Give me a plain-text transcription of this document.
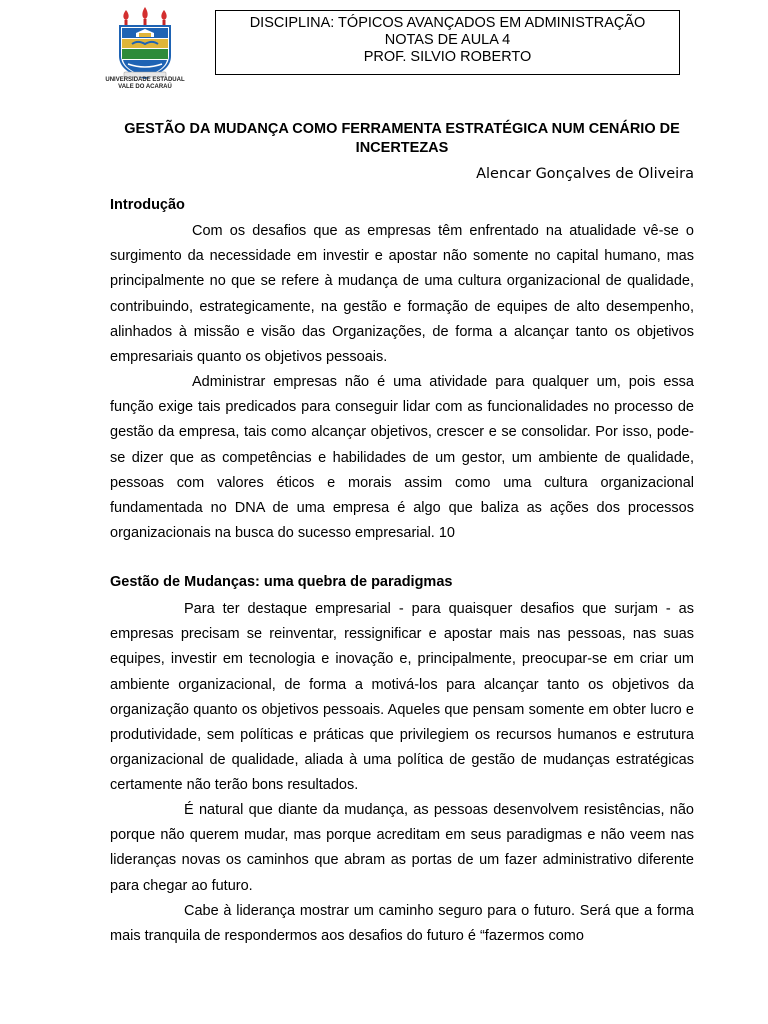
UNIVERSIDADE ESTADUAL
VALE DO ACARAÚ
DISCIPLINA: TÓPICOS AVANÇADOS EM ADMINISTRAÇÃO
NOTAS DE AULA 4
PROF. SILVIO ROBERTO
GESTÃO DA MUDANÇA COMO FERRAMENTA ESTRATÉGICA NUM CENÁRIO DE INCERTEZAS
Alencar Gonçalves de Oliveira
Introdução

Com os desafios que as empresas têm enfrentado na atualidade vê-se o surgimento da necessidade em investir e apostar não somente no capital humano, mas principalmente no que se refere à mudança de uma cultura organizacional de qualidade, contribuindo, estrategicamente, na gestão e formação de equipes de alto desempenho, alinhados à missão e visão das Organizações, de forma a alcançar tanto os objetivos empresariais quanto os objetivos pessoais.

Administrar empresas não é uma atividade para qualquer um, pois essa função exige tais predicados para conseguir lidar com as funcionalidades no processo de gestão da empresa, tais como alcançar objetivos, crescer e se consolidar. Por isso, pode-se dizer que as competências e habilidades de um gestor, um ambiente de qualidade, pessoas com valores éticos e morais assim como uma cultura organizacional fundamentada no DNA de uma empresa é algo que baliza as ações dos processos organizacionais na busca do sucesso empresarial. 10

Gestão de Mudanças: uma quebra de paradigmas

Para ter destaque empresarial - para quaisquer desafios que surjam - as empresas precisam se reinventar, ressignificar e apostar mais nas pessoas, nas suas equipes, investir em tecnologia e inovação e, principalmente, preocupar-se em criar um ambiente organizacional, de forma a motivá-los para alcançar tanto os objetivos da organização quanto os objetivos pessoais. Aqueles que pensam somente em obter lucro e produtividade, sem políticas e práticas que privilegiem os recursos humanos e estrutura organizacional de qualidade, aliada à uma política de gestão de mudanças estratégicas certamente não terão bons resultados.

É natural que diante da mudança, as pessoas desenvolvem resistências, não porque não querem mudar, mas porque acreditam em seus paradigmas e não veem nas lideranças novas os caminhos que abram as portas de um fazer administrativo diferente para chegar ao futuro.

Cabe à liderança mostrar um caminho seguro para o futuro. Será que a forma mais tranquila de respondermos aos desafios do futuro é “fazermos como
